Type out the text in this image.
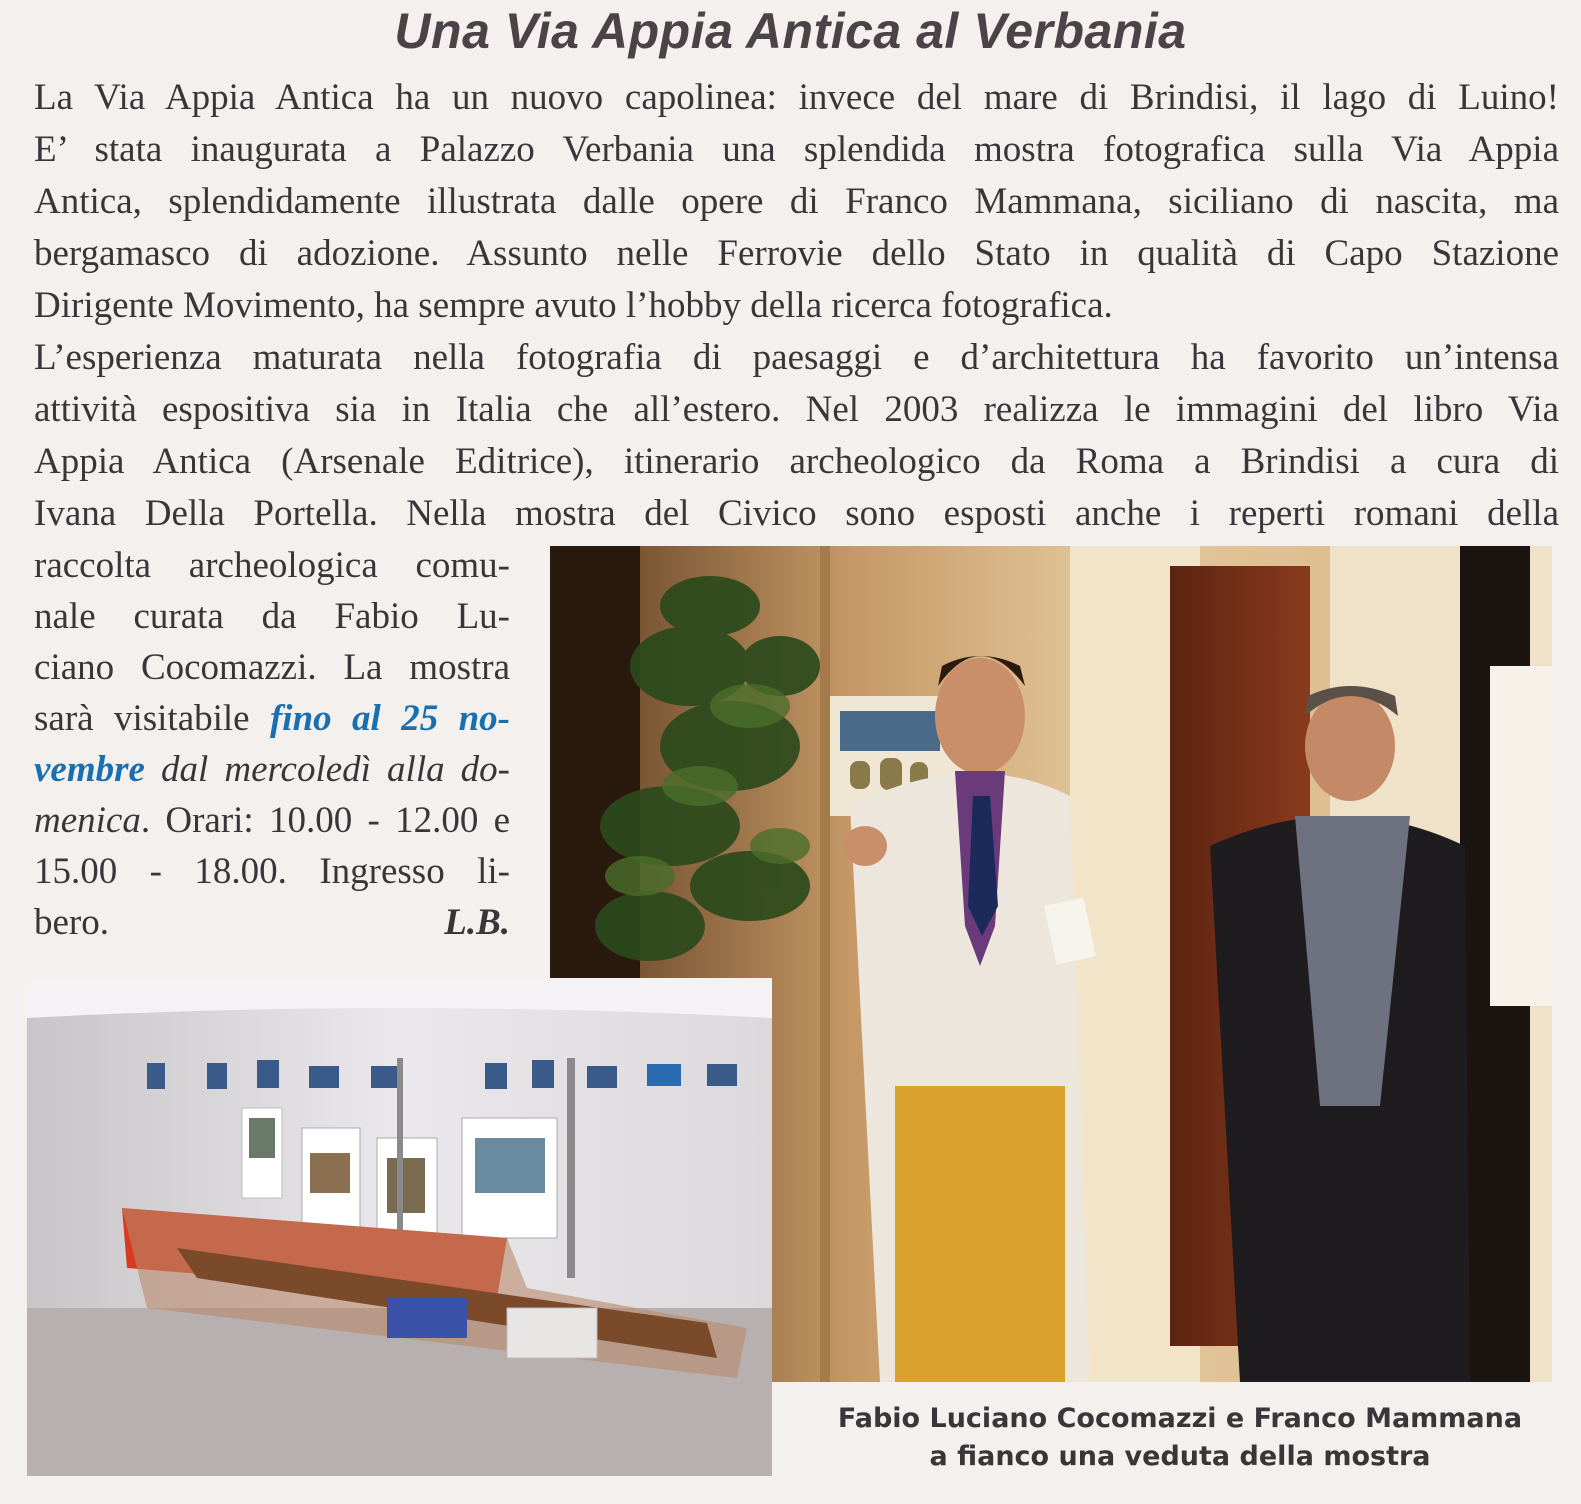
Una Via Appia Antica al Verbania
La Via Appia Antica ha un nuovo capolinea: invece del mare di Brindisi, il lago di Luino!
E’ stata inaugurata a Palazzo Verbania una splendida mostra fotografica sulla Via Appia
Antica, splendidamente illustrata dalle opere di Franco Mammana, siciliano di nascita, ma
bergamasco di adozione. Assunto nelle Ferrovie dello Stato in qualità di Capo Stazione
Dirigente Movimento, ha sempre avuto l’hobby della ricerca fotografica.
L’esperienza maturata nella fotografia di paesaggi e d’architettura ha favorito un’intensa
attività espositiva sia in Italia che all’estero. Nel 2003 realizza le immagini del libro Via
Appia Antica (Arsenale Editrice), itinerario archeologico da Roma a Brindisi a cura di
Ivana Della Portella. Nella mostra del Civico sono esposti anche i reperti romani della
raccolta archeologica comu-
nale curata da Fabio Lu-
ciano Cocomazzi. La mostra
sarà visitabile fino al 25 no-
vembre dal mercoledì alla do-
menica. Orari: 10.00 - 12.00 e
15.00 - 18.00. Ingresso li-
bero.	L.B.
Fabio Luciano Cocomazzi e Franco Mammana
a fianco una veduta della mostra
